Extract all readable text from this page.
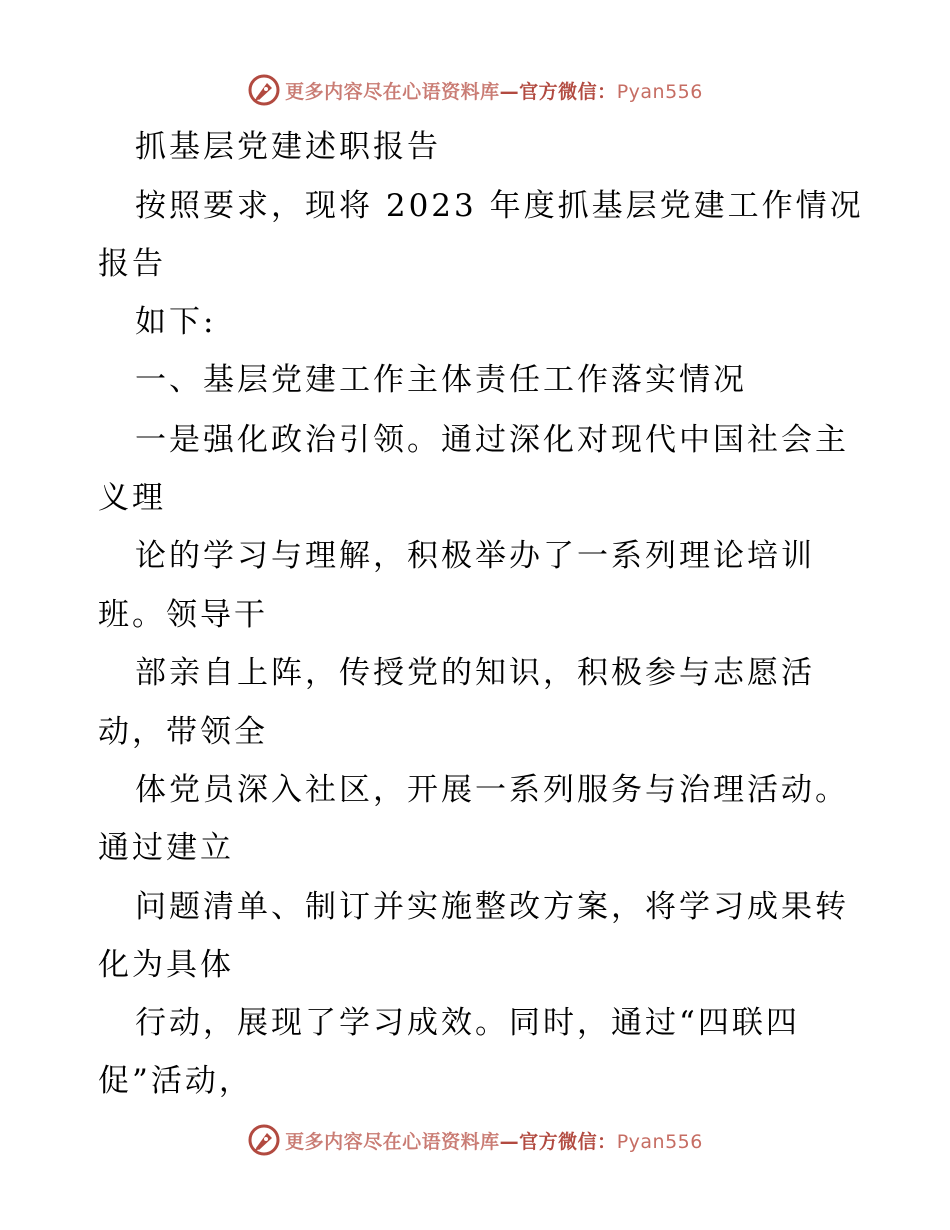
更多内容尽在心语资料库—官方微信：Pyan556
抓基层党建述职报告
按照要求，现将 2023 年度抓基层党建工作情况
报告
如下:
一、基层党建工作主体责任工作落实情况
一是强化政治引领。通过深化对现代中国社会主
义理
论的学习与理解，积极举办了一系列理论培训
班。领导干
部亲自上阵，传授党的知识，积极参与志愿活
动，带领全
体党员深入社区，开展一系列服务与治理活动。
通过建立
问题清单、制订并实施整改方案，将学习成果转
化为具体
行动，展现了学习成效。同时，通过“四联四
促”活动，
更多内容尽在心语资料库—官方微信：Pyan556
